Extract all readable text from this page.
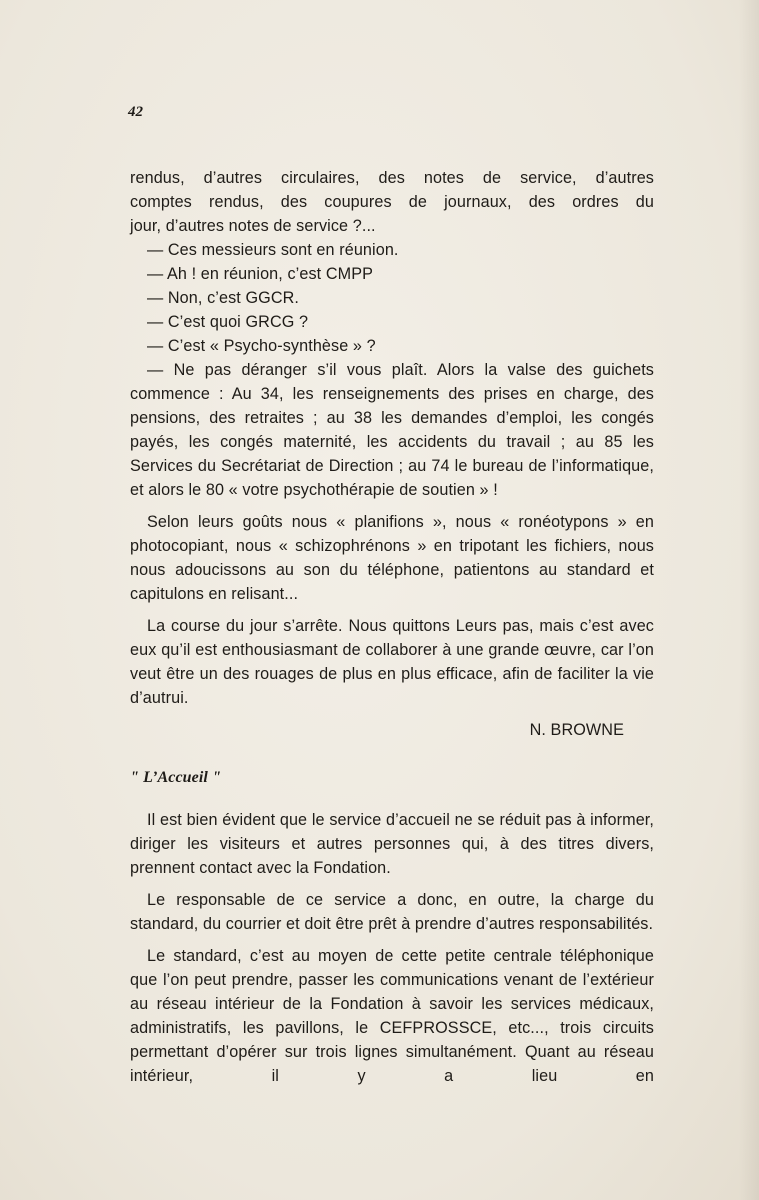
42

rendus, d’autres circulaires, des notes de service, d’autres

comptes rendus, des coupures de journaux, des ordres du

jour, d’autres notes de service ?...

— Ces messieurs sont en réunion.

— Ah ! en réunion, c’est CMPP

— Non, c’est GGCR.

— C’est quoi GRCG ?

— C’est « Psycho-synthèse » ?

— Ne pas déranger s’il vous plaît. Alors la valse des guichets commence : Au 34, les renseignements des prises en charge, des pensions, des retraites ; au 38 les demandes d’emploi, les congés payés, les congés maternité, les accidents du travail ; au 85 les Services du Secrétariat de Direction ; au 74 le bureau de l’informatique, et alors le 80 « votre psychothérapie de soutien » !

Selon leurs goûts nous « planifions », nous « ronéotypons » en photocopiant, nous « schizophrénons » en tripotant les fichiers, nous nous adoucissons au son du téléphone, patientons au standard et capitulons en relisant...

La course du jour s’arrête. Nous quittons Leurs pas, mais c’est avec eux qu’il est enthousiasmant de collaborer à une grande œuvre, car l’on veut être un des rouages de plus en plus efficace, afin de faciliter la vie d’autrui.

N. BROWNE

" L’Accueil "

Il est bien évident que le service d’accueil ne se réduit pas à informer, diriger les visiteurs et autres personnes qui, à des titres divers, prennent contact avec la Fondation.

Le responsable de ce service a donc, en outre, la charge du standard, du courrier et doit être prêt à prendre d’autres responsabilités.

Le standard, c’est au moyen de cette petite centrale téléphonique que l’on peut prendre, passer les communications venant de l’extérieur au réseau intérieur de la Fondation à savoir les services médicaux, administratifs, les pavillons, le CEFPROSSCE, etc..., trois circuits permettant d’opérer sur trois lignes simultanément. Quant au réseau intérieur, il y a lieu en
